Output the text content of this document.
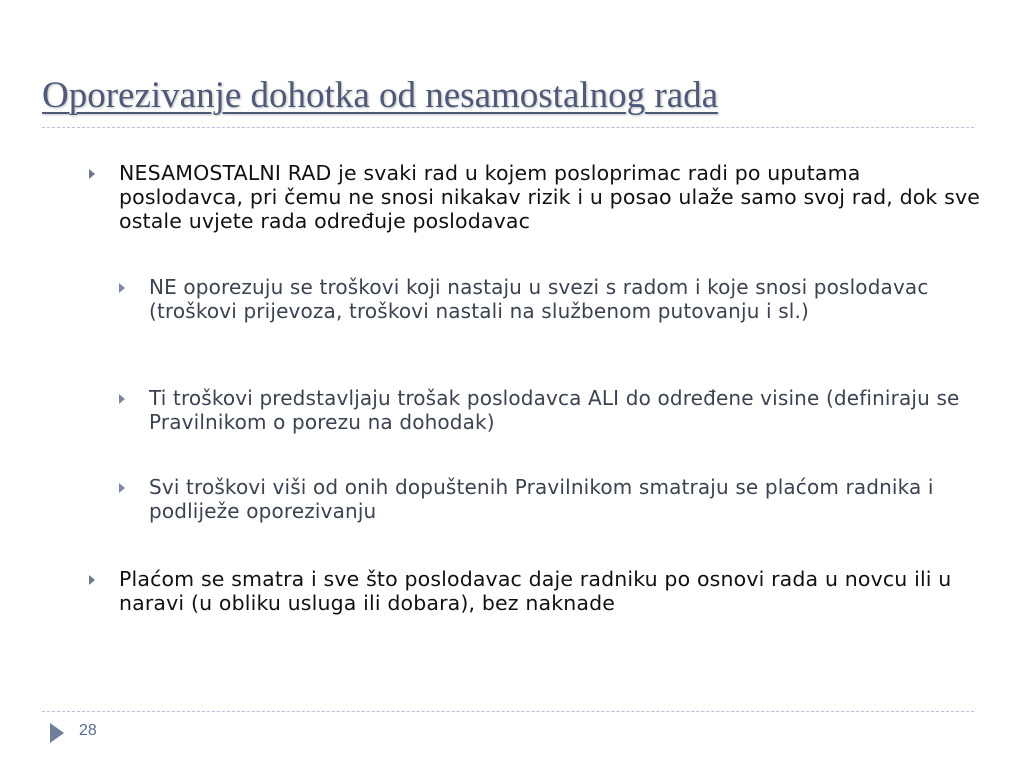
Oporezivanje dohotka od nesamostalnog rada

NESAMOSTALNI RAD je svaki rad u kojem posloprimac radi po uputama poslodavca, pri čemu ne snosi nikakav rizik i u posao ulaže samo svoj rad, dok sve ostale uvjete rada određuje poslodavac

NE oporezuju se troškovi koji nastaju u svezi s radom i koje snosi poslodavac (troškovi prijevoza, troškovi nastali na službenom putovanju i sl.)

Ti troškovi predstavljaju trošak poslodavca ALI do određene visine (definiraju se Pravilnikom o porezu na dohodak)

Svi troškovi viši od onih dopuštenih Pravilnikom smatraju se plaćom radnika i podliježe oporezivanju

Plaćom se smatra i sve što poslodavac daje radniku po osnovi rada u novcu ili u naravi (u obliku usluga ili dobara), bez naknade

28
